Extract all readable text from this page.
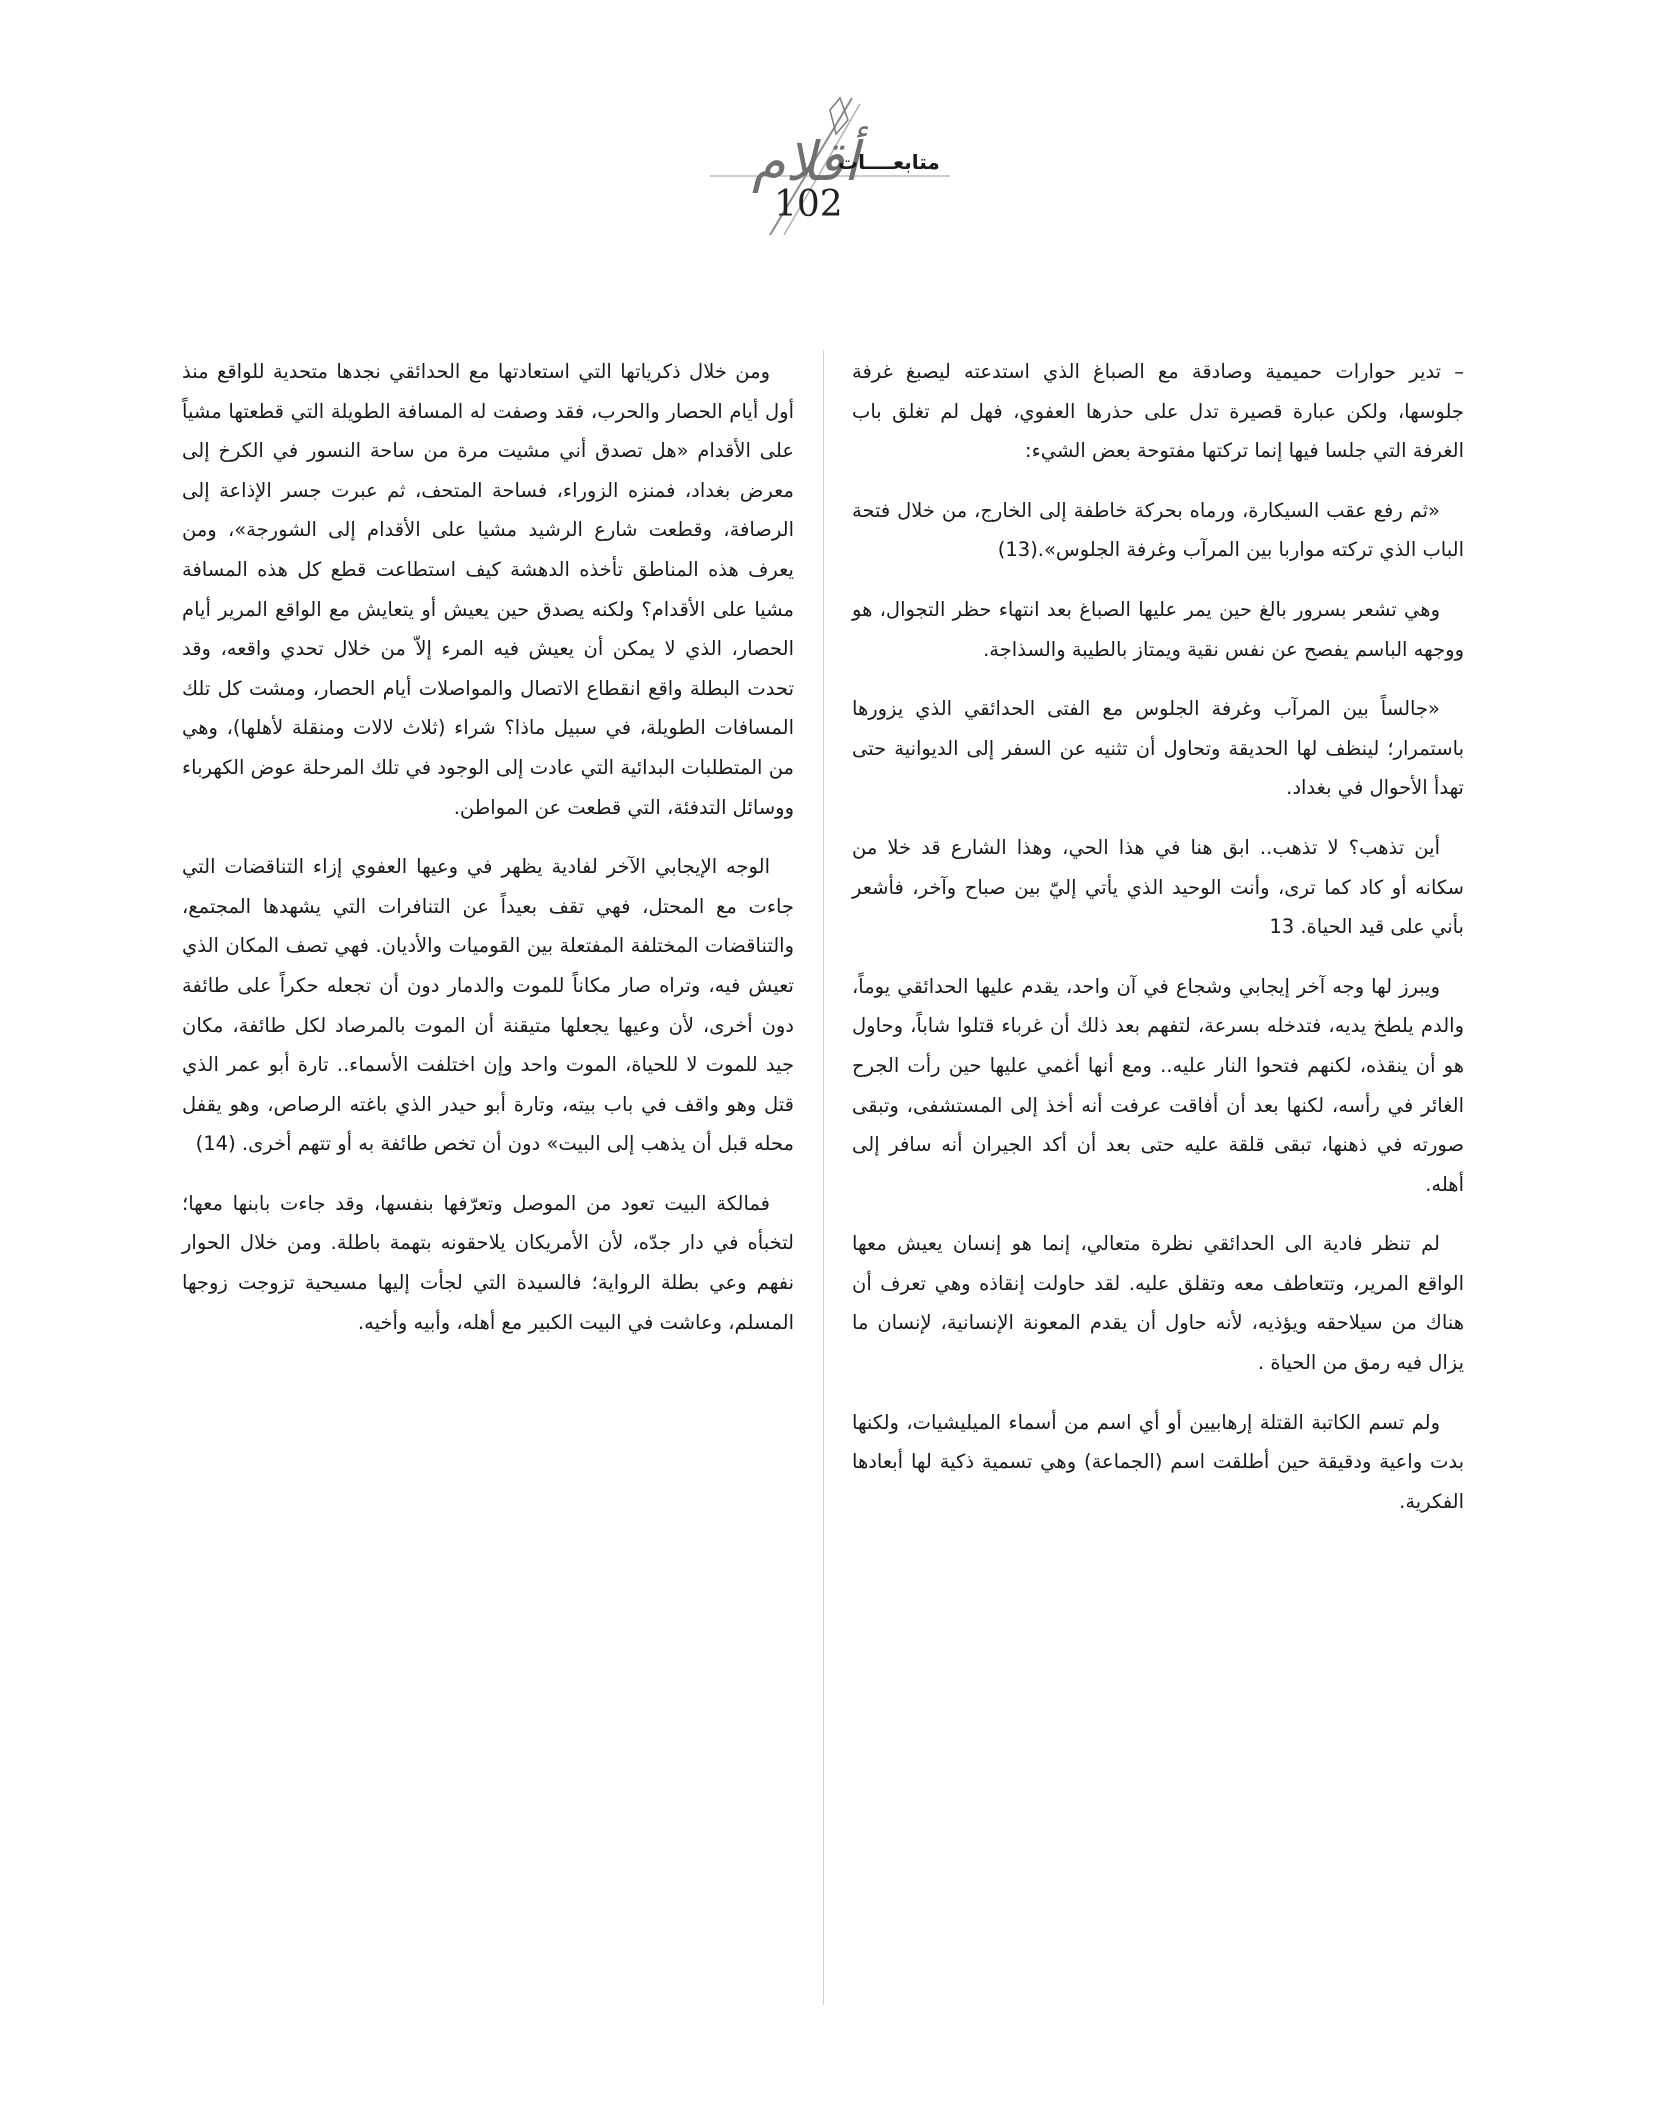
أقلام
متابعــــات
102

– تدير حوارات حميمية وصادقة مع الصباغ الذي استدعته ليصبغ غرفة جلوسها، ولكن عبارة قصيرة تدل على حذرها العفوي، فهل لم تغلق باب الغرفة التي جلسا فيها إنما تركتها مفتوحة بعض الشيء:

«ثم رفع عقب السيكارة، ورماه بحركة خاطفة إلى الخارج، من خلال فتحة الباب الذي تركته مواربا بين المرآب وغرفة الجلوس».(13)

وهي تشعر بسرور بالغ حين يمر عليها الصباغ بعد انتهاء حظر التجوال، هو ووجهه الباسم يفصح عن نفس نقية ويمتاز بالطيبة والسذاجة.

«جالساً بين المرآب وغرفة الجلوس مع الفتى الحدائقي الذي يزورها باستمرار؛ لينظف لها الحديقة وتحاول أن تثنيه عن السفر إلى الديوانية حتى تهدأ الأحوال في بغداد.

أين تذهب؟ لا تذهب.. ابق هنا في هذا الحي، وهذا الشارع قد خلا من سكانه أو كاد كما ترى، وأنت الوحيد الذي يأتي إليّ بين صباح وآخر، فأشعر بأني على قيد الحياة. 13

ويبرز لها وجه آخر إيجابي وشجاع في آن واحد، يقدم عليها الحدائقي يوماً، والدم يلطخ يديه، فتدخله بسرعة، لتفهم بعد ذلك أن غرباء قتلوا شاباً، وحاول هو أن ينقذه، لكنهم فتحوا النار عليه.. ومع أنها أغمي عليها حين رأت الجرح الغائر في رأسه، لكنها بعد أن أفاقت عرفت أنه أخذ إلى المستشفى، وتبقى صورته في ذهنها، تبقى قلقة عليه حتى بعد أن أكد الجيران أنه سافر إلى أهله.

لم تنظر فادية الى الحدائقي نظرة متعالي، إنما هو إنسان يعيش معها الواقع المرير، وتتعاطف معه وتقلق عليه. لقد حاولت إنقاذه وهي تعرف أن هناك من سيلاحقه ويؤذيه، لأنه حاول أن يقدم المعونة الإنسانية، لإنسان ما يزال فيه رمق من الحياة .

ولم تسم الكاتبة القتلة إرهابيين أو أي اسم من أسماء الميليشيات، ولكنها بدت واعية ودقيقة حين أطلقت اسم (الجماعة) وهي تسمية ذكية لها أبعادها الفكرية.

ومن خلال ذكرياتها التي استعادتها مع الحدائقي نجدها متحدية للواقع منذ أول أيام الحصار والحرب، فقد وصفت له المسافة الطويلة التي قطعتها مشياً على الأقدام «هل تصدق أني مشيت مرة من ساحة النسور في الكرخ إلى معرض بغداد، فمنزه الزوراء، فساحة المتحف، ثم عبرت جسر الإذاعة إلى الرصافة، وقطعت شارع الرشيد مشيا على الأقدام إلى الشورجة»، ومن يعرف هذه المناطق تأخذه الدهشة كيف استطاعت قطع كل هذه المسافة مشيا على الأقدام؟ ولكنه يصدق حين يعيش أو يتعايش مع الواقع المرير أيام الحصار، الذي لا يمكن أن يعيش فيه المرء إلاّ من خلال تحدي واقعه، وقد تحدت البطلة واقع انقطاع الاتصال والمواصلات أيام الحصار، ومشت كل تلك المسافات الطويلة، في سبيل ماذا؟ شراء (ثلاث لالات ومنقلة لأهلها)، وهي من المتطلبات البدائية التي عادت إلى الوجود في تلك المرحلة عوض الكهرباء ووسائل التدفئة، التي قطعت عن المواطن.

الوجه الإيجابي الآخر لفادية يظهر في وعيها العفوي إزاء التناقضات التي جاءت مع المحتل، فهي تقف بعيداً عن التنافرات التي يشهدها المجتمع، والتناقضات المختلفة المفتعلة بين القوميات والأديان. فهي تصف المكان الذي تعيش فيه، وتراه صار مكاناً للموت والدمار دون أن تجعله حكراً على طائفة دون أخرى، لأن وعيها يجعلها متيقنة أن الموت بالمرصاد لكل طائفة، مكان جيد للموت لا للحياة، الموت واحد وإن اختلفت الأسماء.. تارة أبو عمر الذي قتل وهو واقف في باب بيته، وتارة أبو حيدر الذي باغته الرصاص، وهو يقفل محله قبل أن يذهب إلى البيت» دون أن تخص طائفة به أو تتهم أخرى. (14)

فمالكة البيت تعود من الموصل وتعرّفها بنفسها، وقد جاءت بابنها معها؛لتخبأه في دار جدّه، لأن الأمريكان يلاحقونه بتهمة باطلة. ومن خلال الحوار نفهم وعي بطلة الرواية؛ فالسيدة التي لجأت إليها مسيحية تزوجت زوجها المسلم، وعاشت في البيت الكبير مع أهله، وأبيه وأخيه.
